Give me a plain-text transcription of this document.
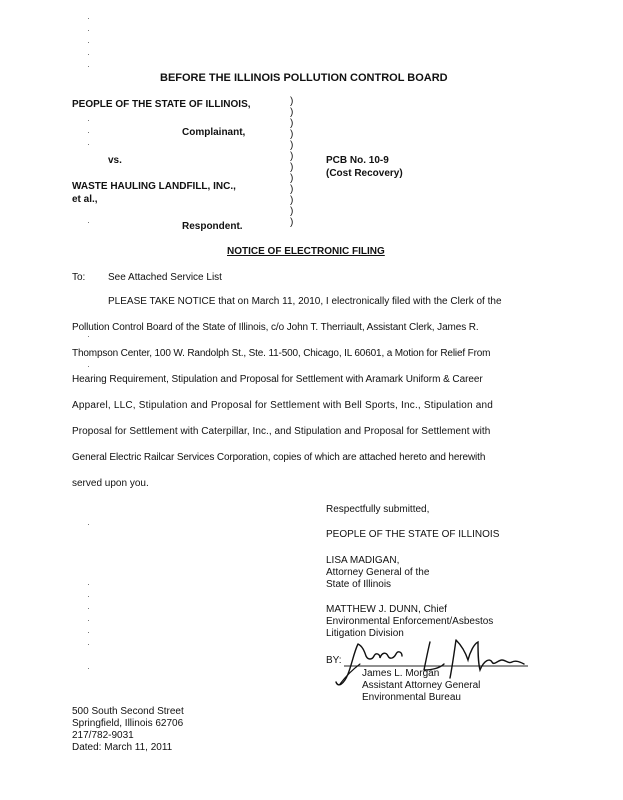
BEFORE THE ILLINOIS POLLUTION CONTROL BOARD
PEOPLE OF THE STATE OF ILLINOIS,
Complainant,
vs.
WASTE HAULING LANDFILL, INC.,
et al.,
Respondent.
)
)
)
)
)
)
)
)
)
)
)
)
PCB No. 10-9
(Cost Recovery)
NOTICE OF ELECTRONIC FILING
To: See Attached Service List
PLEASE TAKE NOTICE that on March 11, 2010, I electronically filed with the Clerk of the
Pollution Control Board of the State of Illinois, c/o John T. Therriault, Assistant Clerk, James R.
Thompson Center, 100 W. Randolph St., Ste. 11-500, Chicago, IL 60601, a Motion for Relief From
Hearing Requirement, Stipulation and Proposal for Settlement with Aramark Uniform & Career
Apparel, LLC, Stipulation and Proposal for Settlement with Bell Sports, Inc., Stipulation and
Proposal for Settlement with Caterpillar, Inc., and Stipulation and Proposal for Settlement with
General Electric Railcar Services Corporation, copies of which are attached hereto and herewith
served upon you.
Respectfully submitted,
PEOPLE OF THE STATE OF ILLINOIS
LISA MADIGAN,
Attorney General of the
State of Illinois
MATTHEW J. DUNN, Chief
Environmental Enforcement/Asbestos
Litigation Division
BY:
James L. Morgan
Assistant Attorney General
Environmental Bureau
500 South Second Street
Springfield, Illinois 62706
217/782-9031
Dated: March 11, 2011
